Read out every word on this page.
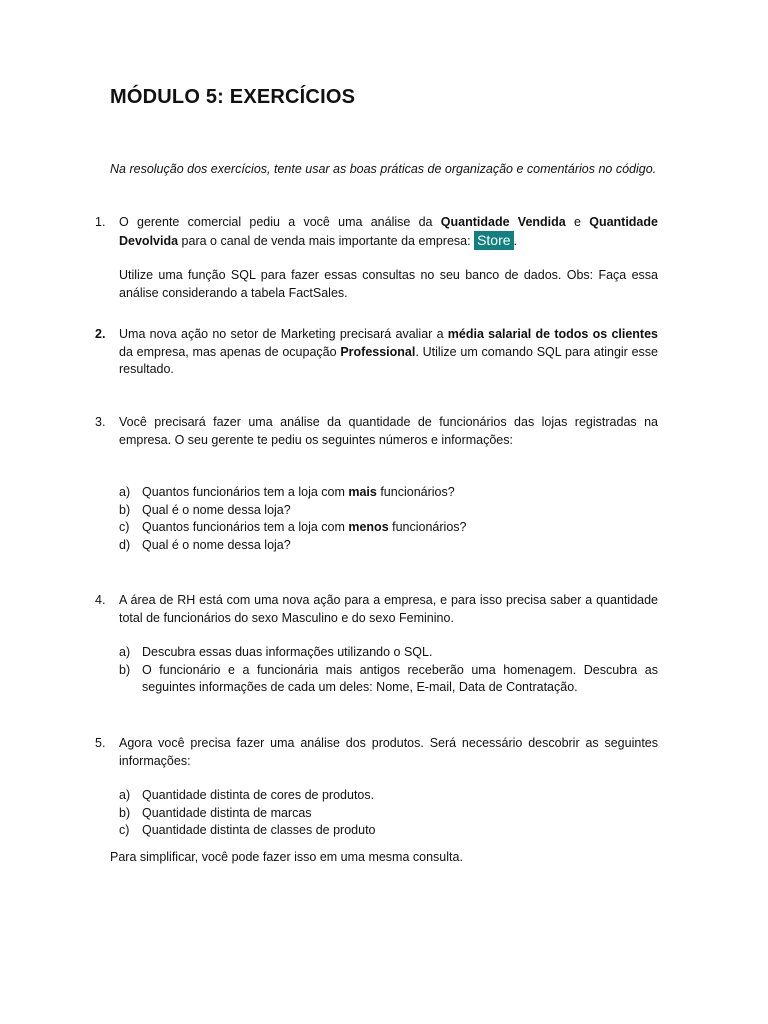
MÓDULO 5: EXERCÍCIOS
Na resolução dos exercícios, tente usar as boas práticas de organização e comentários no código.
1.	O gerente comercial pediu a você uma análise da Quantidade Vendida e Quantidade Devolvida para o canal de venda mais importante da empresa: Store .

Utilize uma função SQL para fazer essas consultas no seu banco de dados. Obs: Faça essa análise considerando a tabela FactSales.

2.	Uma nova ação no setor de Marketing precisará avaliar a média salarial de todos os clientes da empresa, mas apenas de ocupação Professional. Utilize um comando SQL para atingir esse resultado.

3.	Você precisará fazer uma análise da quantidade de funcionários das lojas registradas na empresa. O seu gerente te pediu os seguintes números e informações:

a) Quantos funcionários tem a loja com mais funcionários?
b) Qual é o nome dessa loja?
c) Quantos funcionários tem a loja com menos funcionários?
d) Qual é o nome dessa loja?
4.	A área de RH está com uma nova ação para a empresa, e para isso precisa saber a quantidade total de funcionários do sexo Masculino e do sexo Feminino.

a) Descubra essas duas informações utilizando o SQL.
b) O funcionário e a funcionária mais antigos receberão uma homenagem. Descubra as seguintes informações de cada um deles: Nome, E-mail, Data de Contratação.
5.	Agora você precisa fazer uma análise dos produtos. Será necessário descobrir as seguintes informações:

a) Quantidade distinta de cores de produtos.
b) Quantidade distinta de marcas
c) Quantidade distinta de classes de produto
Para simplificar, você pode fazer isso em uma mesma consulta.
